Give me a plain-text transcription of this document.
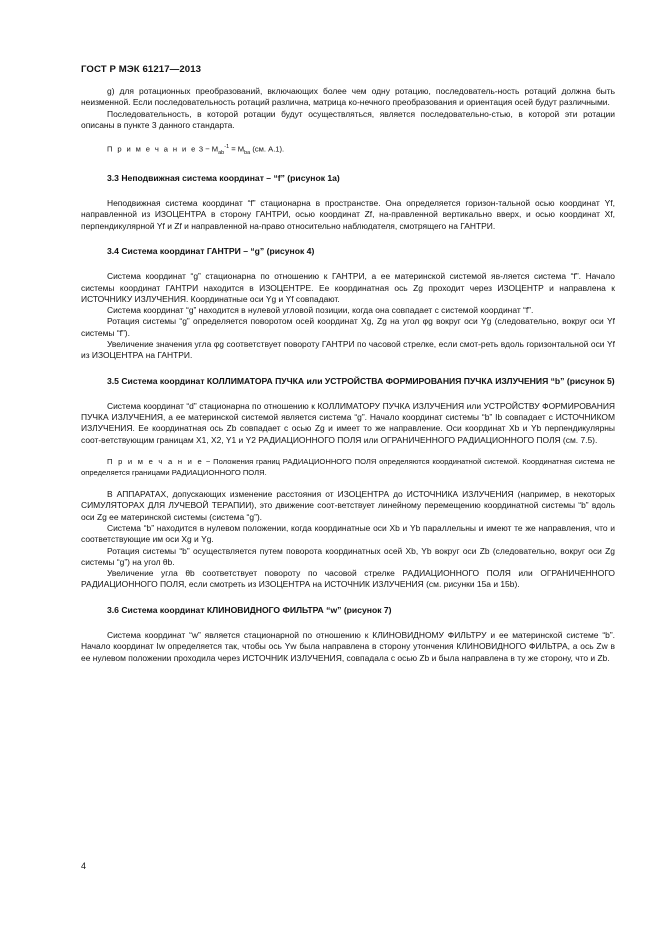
ГОСТ Р МЭК 61217—2013

g) для ротационных преобразований, включающих более чем одну ротацию, последователь-ность ротаций должна быть неизменной. Если последовательность ротаций различна, матрица ко-нечного преобразования и ориентация осей будут различными.

Последовательность, в которой ротации будут осуществляться, является последовательно-стью, в которой эти ротации описаны в пункте 3 данного стандарта.

П р и м е ч а н и е $3 - M_{ab}^{-1} = M_{ba}$ (см. А.1).

3.3 Неподвижная система координат – “f” (рисунок 1а)

Неподвижная система координат “f” стационарна в пространстве. Она определяется горизон-тальной осью координат Yf, направленной из ИЗОЦЕНТРА в сторону ГАНТРИ, осью координат Zf, на-правленной вертикально вверх, и осью координат Xf, перпендикулярной Yf и Zf и направленной на-право относительно наблюдателя, смотрящего на ГАНТРИ.

3.4 Система координат ГАНТРИ – “g” (рисунок 4)

Система координат “g” стационарна по отношению к ГАНТРИ, а ее материнской системой яв-ляется система “f”. Начало системы координат ГАНТРИ находится в ИЗОЦЕНТРЕ. Ее координатная ось Zg проходит через ИЗОЦЕНТР и направлена к ИСТОЧНИКУ ИЗЛУЧЕНИЯ. Координатные оси Yg и Yf совпадают.

Система координат “g” находится в нулевой угловой позиции, когда она совпадает с системой координат “f”.

Ротация системы “g” определяется поворотом осей координат Xg, Zg на угол φg вокруг оси Yg (следовательно, вокруг оси Yf системы “f”).

Увеличение значения угла φg соответствует повороту ГАНТРИ по часовой стрелке, если смот-реть вдоль горизонтальной оси Yf из ИЗОЦЕНТРА на ГАНТРИ.

3.5 Система координат КОЛЛИМАТОРА ПУЧКА или УСТРОЙСТВА ФОРМИРОВАНИЯ ПУЧКА ИЗЛУЧЕНИЯ “b” (рисунок 5)

Система координат “d” стационарна по отношению к КОЛЛИМАТОРУ ПУЧКА ИЗЛУЧЕНИЯ или УСТРОЙСТВУ ФОРМИРОВАНИЯ ПУЧКА ИЗЛУЧЕНИЯ, а ее материнской системой является система “g”. Начало координат системы “b” Ib совпадает с ИСТОЧНИКОМ ИЗЛУЧЕНИЯ. Ее координатная ось Zb совпадает с осью Zg и имеет то же направление. Оси координат Xb и Yb перпендикулярны соот-ветствующим границам X1, X2, Y1 и Y2 РАДИАЦИОННОГО ПОЛЯ или ОГРАНИЧЕННОГО РАДИАЦИОННОГО ПОЛЯ (см. 7.5).

П р и м е ч а н и е − Положения границ РАДИАЦИОННОГО ПОЛЯ определяются координатной системой. Координатная система не определяется границами РАДИАЦИОННОГО ПОЛЯ.

В АППАРАТАХ, допускающих изменение расстояния от ИЗОЦЕНТРА до ИСТОЧНИКА ИЗЛУЧЕНИЯ (например, в некоторых СИМУЛЯТОРАХ ДЛЯ ЛУЧЕВОЙ ТЕРАПИИ), это движение соот-ветствует линейному перемещению координатной системы “b” вдоль оси Zg ее материнской системы (система “g”).

Система “b” находится в нулевом положении, когда координатные оси Xb и Yb параллельны и имеют те же направления, что и соответствующие им оси Xg и Yg.

Ротация системы “b” осуществляется путем поворота координатных осей Xb, Yb вокруг оси Zb (следовательно, вокруг оси Zg системы “g”) на угол θb.

Увеличение угла θb соответствует повороту по часовой стрелке РАДИАЦИОННОГО ПОЛЯ или ОГРАНИЧЕННОГО РАДИАЦИОННОГО ПОЛЯ, если смотреть из ИЗОЦЕНТРА на ИСТОЧНИК ИЗЛУЧЕНИЯ (см. рисунки 15а и 15b).

3.6 Система координат КЛИНОВИДНОГО ФИЛЬТРА “w” (рисунок 7)

Система координат “w” является стационарной по отношению к КЛИНОВИДНОМУ ФИЛЬТРУ и ее материнской системе “b”. Начало координат Iw определяется так, чтобы ось Yw была направлена в сторону утончения КЛИНОВИДНОГО ФИЛЬТРА, а ось Zw в ее нулевом положении проходила через ИСТОЧНИК ИЗЛУЧЕНИЯ, совпадала с осью Zb и была направлена в ту же сторону, что и Zb.

4
